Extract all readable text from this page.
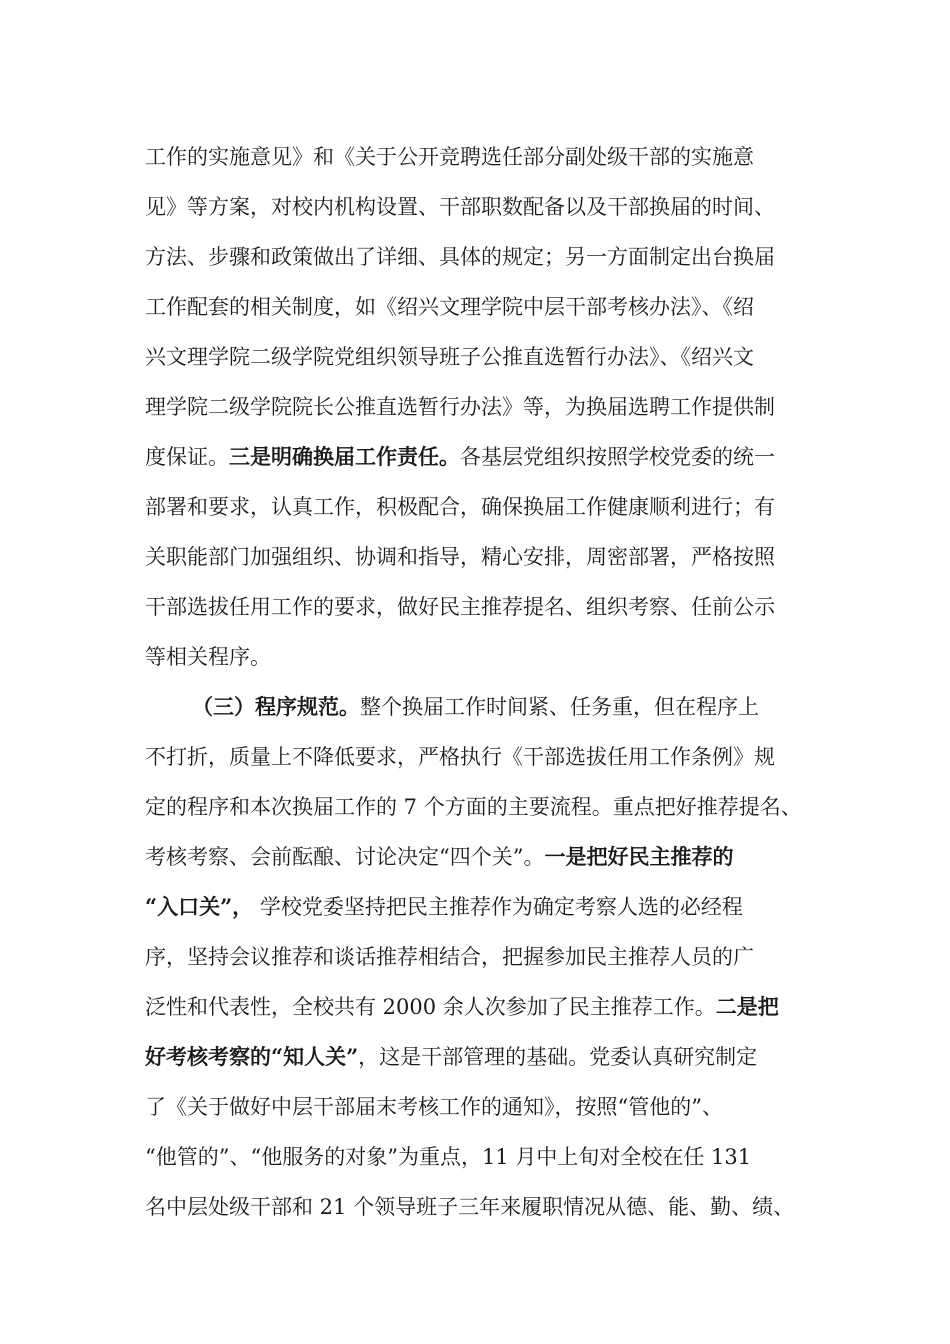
工作的实施意见》和《关于公开竞聘选任部分副处级干部的实施意
见》等方案，对校内机构设置、干部职数配备以及干部换届的时间、
方法、步骤和政策做出了详细、具体的规定；另一方面制定出台换届
工作配套的相关制度，如《绍兴文理学院中层干部考核办法》、《绍
兴文理学院二级学院党组织领导班子公推直选暂行办法》、《绍兴文
理学院二级学院院长公推直选暂行办法》等，为换届选聘工作提供制
度保证。三是明确换届工作责任。各基层党组织按照学校党委的统一
部署和要求，认真工作，积极配合，确保换届工作健康顺利进行；有
关职能部门加强组织、协调和指导，精心安排，周密部署，严格按照
干部选拔任用工作的要求，做好民主推荐提名、组织考察、任前公示
等相关程序。
（三）程序规范。整个换届工作时间紧、任务重，但在程序上
不打折，质量上不降低要求，严格执行《干部选拔任用工作条例》规
定的程序和本次换届工作的 7 个方面的主要流程。重点把好推荐提名、
考核考察、会前酝酿、讨论决定“四个关”。一是把好民主推荐的
“入口关”， 学校党委坚持把民主推荐作为确定考察人选的必经程
序，坚持会议推荐和谈话推荐相结合，把握参加民主推荐人员的广
泛性和代表性，全校共有 2000 余人次参加了民主推荐工作。二是把
好考核考察的“知人关”，这是干部管理的基础。党委认真研究制定
了《关于做好中层干部届末考核工作的通知》，按照“管他的”、
“他管的”、“他服务的对象”为重点，11 月中上旬对全校在任 131
名中层处级干部和 21 个领导班子三年来履职情况从德、能、勤、绩、
